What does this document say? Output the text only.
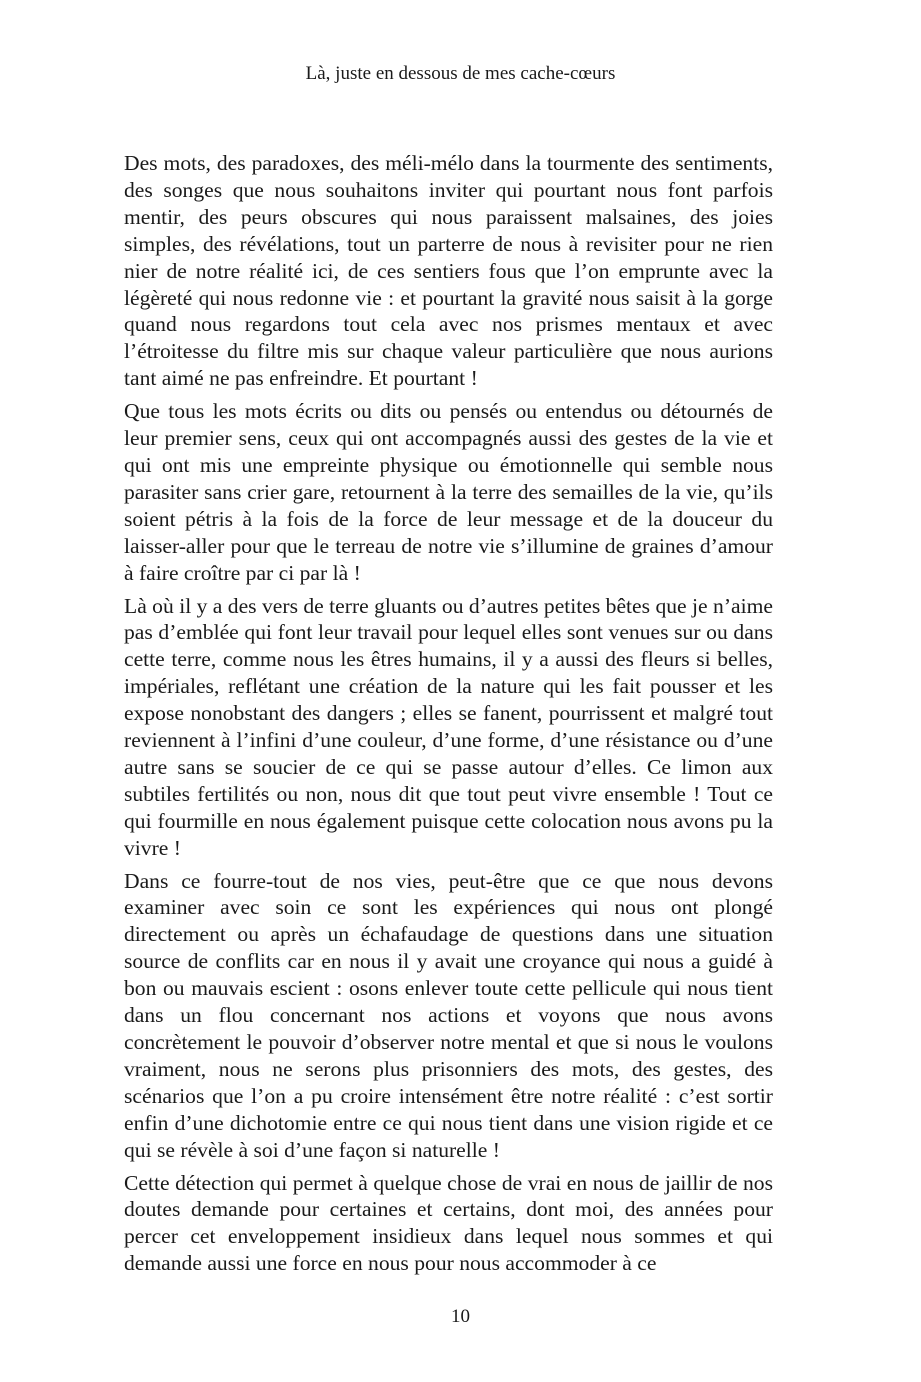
Là, juste en dessous de mes cache-cœurs

Des mots, des paradoxes, des méli-mélo dans la tourmente des sentiments, des songes que nous souhaitons inviter qui pourtant nous font parfois mentir, des peurs obscures qui nous paraissent malsaines, des joies simples, des révélations, tout un parterre de nous à revisiter pour ne rien nier de notre réalité ici, de ces sentiers fous que l’on emprunte avec la légèreté qui nous redonne vie : et pourtant la gravité nous saisit à la gorge quand nous regardons tout cela avec nos prismes mentaux et avec l’étroitesse du filtre mis sur chaque valeur particulière que nous aurions tant aimé ne pas enfreindre. Et pourtant !

Que tous les mots écrits ou dits ou pensés ou entendus ou détournés de leur premier sens, ceux qui ont accompagnés aussi des gestes de la vie et qui ont mis une empreinte physique ou émotionnelle qui semble nous parasiter sans crier gare, retournent à la terre des semailles de la vie, qu’ils soient pétris à la fois de la force de leur message et de la douceur du laisser-aller pour que le terreau de notre vie s’illumine de graines d’amour à faire croître par ci par là !

Là où il y a des vers de terre gluants ou d’autres petites bêtes que je n’aime pas d’emblée qui font leur travail pour lequel elles sont venues sur ou dans cette terre, comme nous les êtres humains, il y a aussi des fleurs si belles, impériales, reflétant une création de la nature qui les fait pousser et les expose nonobstant des dangers ; elles se fanent, pourrissent et malgré tout reviennent à l’infini d’une couleur, d’une forme, d’une résistance ou d’une autre sans se soucier de ce qui se passe autour d’elles. Ce limon aux subtiles fertilités ou non, nous dit que tout peut vivre ensemble ! Tout ce qui fourmille en nous également puisque cette colocation nous avons pu la vivre !

Dans ce fourre-tout de nos vies, peut-être que ce que nous devons examiner avec soin ce sont les expériences qui nous ont plongé directement ou après un échafaudage de questions dans une situation source de conflits car en nous il y avait une croyance qui nous a guidé à bon ou mauvais escient : osons enlever toute cette pellicule qui nous tient dans un flou concernant nos actions et voyons que nous avons concrètement le pouvoir d’observer notre mental et que si nous le voulons vraiment, nous ne serons plus prisonniers des mots, des gestes, des scénarios que l’on a pu croire intensément être notre réalité : c’est sortir enfin d’une dichotomie entre ce qui nous tient dans une vision rigide et ce qui se révèle à soi d’une façon si naturelle !

Cette détection qui permet à quelque chose de vrai en nous de jaillir de nos doutes demande pour certaines et certains, dont moi, des années pour percer cet enveloppement insidieux dans lequel nous sommes et qui demande aussi une force en nous pour nous accommoder à ce

10
